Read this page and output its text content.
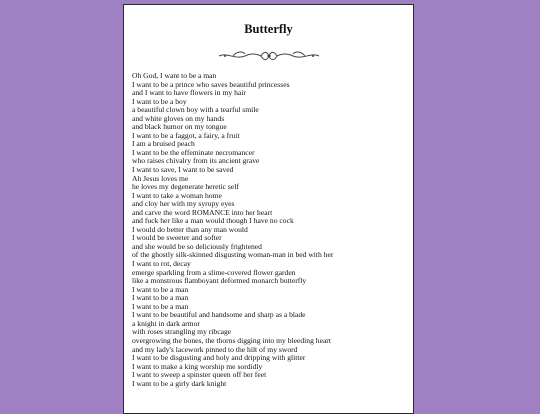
Butterfly
Oh God, I want to be a man
I want to be a prince who saves beautiful princesses
and I want to have flowers in my hair
I want to be a boy
a beautiful clown boy with a tearful smile
and white gloves on my hands
and black humor on my tongue
I want to be a faggot, a fairy, a fruit
I am a bruised peach
I want to be the effeminate necromancer
who raises chivalry from its ancient grave
I want to save, I want to be saved
Ah Jesus loves me
he loves my degenerate heretic self
I want to take a woman home
and cloy her with my syrupy eyes
and carve the word ROMANCE into her heart
and fuck her like a man would though I have no cock
I would do better than any man would
I would be sweeter and softer
and she would be so deliciously frightened
of the ghostly silk-skinned disgusting woman-man in bed with her
I want to rot, decay
emerge sparkling from a slime-covered flower garden
like a monstrous flamboyant deformed monarch butterfly
I want to be a man
I want to be a man
I want to be a man
I want to be beautiful and handsome and sharp as a blade
a knight in dark armor
with roses strangling my ribcage
overgrowing the bones, the thorns digging into my bleeding heart
and my lady's lacework pinned to the hilt of my sword
I want to be disgusting and holy and dripping with glitter
I want to make a king worship me sordidly
I want to sweep a spinster queen off her feet
I want to be a girly dark knight
